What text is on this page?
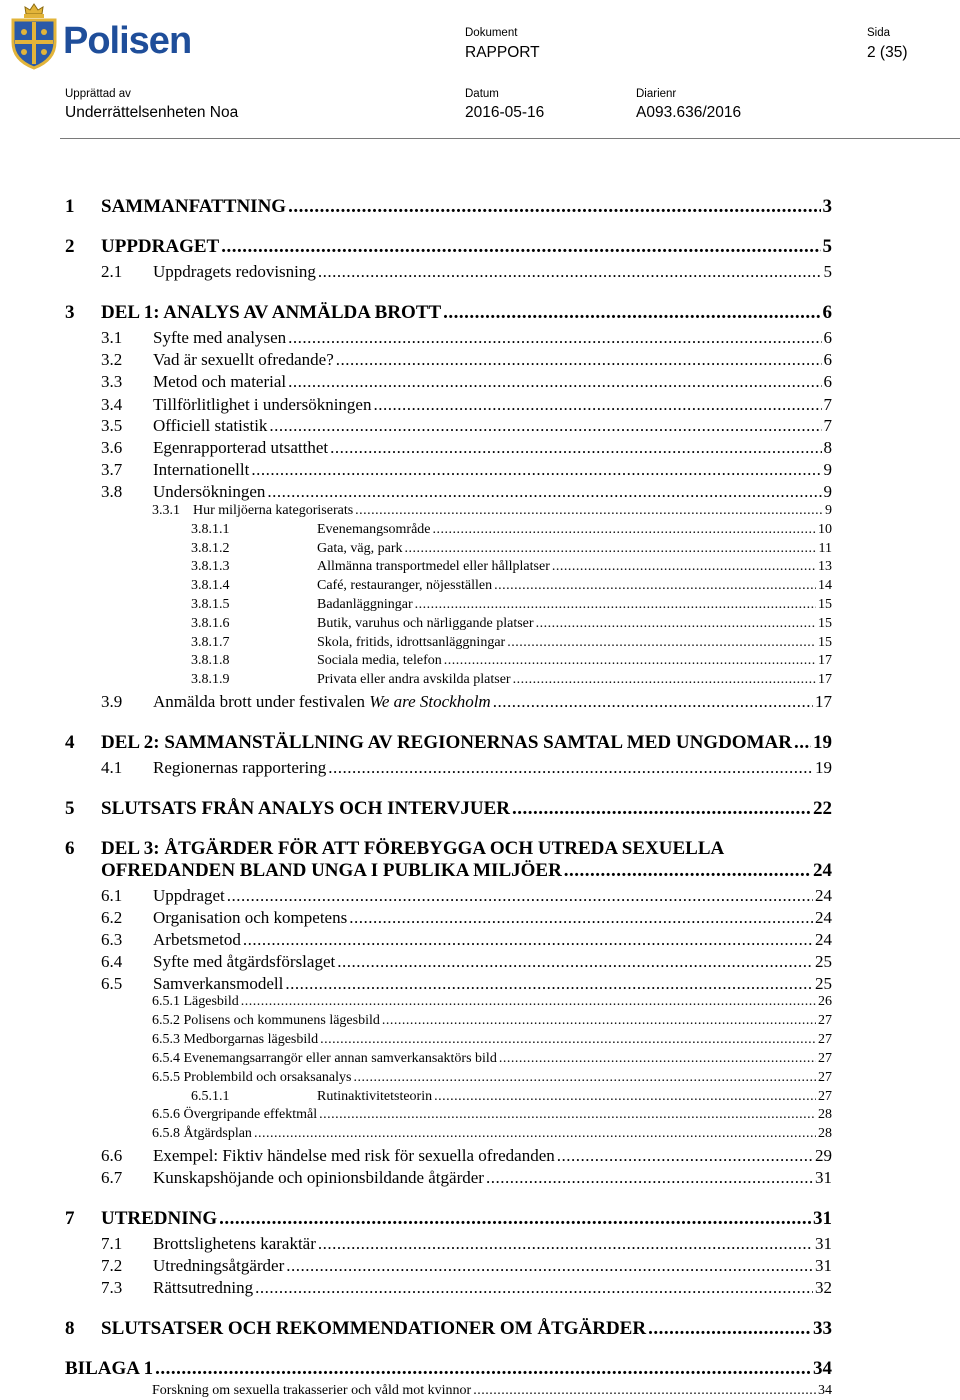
Polisen	Dokument
RAPPORT
Sida
2 (35)
Upprättad av
Underrättelsenheten Noa
Datum
2016-05-16
Diarienr
A093.636/2016
1	SAMMANFATTNING .....	3
2	UPPDRAGET .....	5
2.1	Uppdragets redovisning .....	5
3	DEL 1: ANALYS AV ANMÄLDA BROTT .....	6
3.1	Syfte med analysen .....	6
3.2	Vad är sexuellt ofredande? .....	6
3.3	Metod och material .....	6
3.4	Tillförlitlighet i undersökningen .....	7
3.5	Officiell statistik .....	7
3.6	Egenrapporterad utsatthet .....	8
3.7	Internationellt .....	9
3.8	Undersökningen .....	9
3.3.1 Hur miljöerna kategoriserats .....	9
3.8.1.1	Evenemangsområde .....	10
3.8.1.2	Gata, väg, park .....	11
3.8.1.3	Allmänna transportmedel eller hållplatser .....	13
3.8.1.4	Café, restauranger, nöjesställen .....	14
3.8.1.5	Badanläggningar .....	15
3.8.1.6	Butik, varuhus och närliggande platser .....	15
3.8.1.7	Skola, fritids, idrottsanläggningar .....	15
3.8.1.8	Sociala media, telefon .....	17
3.8.1.9	Privata eller andra avskilda platser .....	17
3.9	Anmälda brott under festivalen We are Stockholm .....	17
4	DEL 2: SAMMANSTÄLLNING AV REGIONERNAS SAMTAL MED UNGDOMAR ..... 19
4.1	Regionernas rapportering .....	19
5	SLUTSATS FRÅN ANALYS OCH INTERVJUER .....	22
6	DEL 3: ÅTGÄRDER FÖR ATT FÖREBYGGA OCH UTREDA SEXUELLA
OFREDANDEN BLAND UNGA I PUBLIKA MILJÖER .....	24
6.1	Uppdraget .....	24
6.2	Organisation och kompetens .....	24
6.3	Arbetsmetod .....	24
6.4	Syfte med åtgärdsförslaget .....	25
6.5	Samverkansmodell .....	25
6.5.1 Lägesbild .....	26
6.5.2 Polisens och kommunens lägesbild .....	27
6.5.3 Medborgarnas lägesbild .....	27
6.5.4 Evenemangsarrangör eller annan samverkansaktörs bild .....	27
6.5.5 Problembild och orsaksanalys .....	27
6.5.1.1	Rutinaktivitetsteorin .....	27
6.5.6 Övergripande effektmål .....	28
6.5.8 Åtgärdsplan .....	28
6.6	Exempel: Fiktiv händelse med risk för sexuella ofredanden .....	29
6.7	Kunskapshöjande och opinionsbildande åtgärder .....	31
7	UTREDNING .....	31
7.1	Brottslighetens karaktär .....	31
7.2	Utredningsåtgärder .....	31
7.3	Rättsutredning .....	32
8	SLUTSATSER OCH REKOMMENDATIONER OM ÅTGÄRDER .....	33
BILAGA 1 .....	34
Forskning om sexuella trakasserier och våld mot kvinnor .....	34
